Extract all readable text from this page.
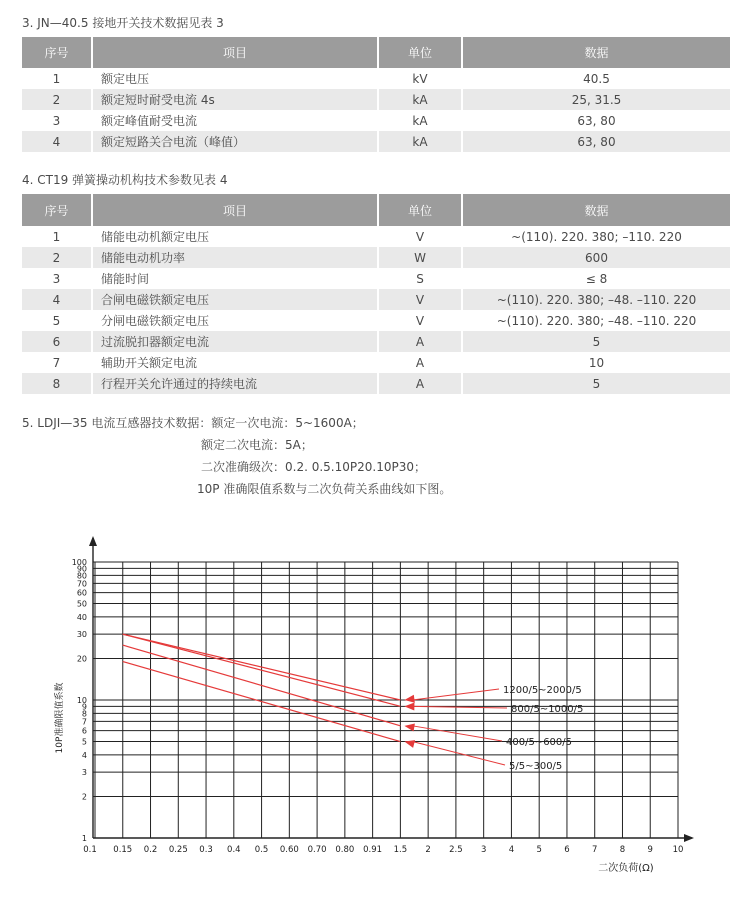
3. JN—40.5 接地开关技术数据见表 3
序号	项目	单位	数据
1	额定电压	kV	40.5
2	额定短时耐受电流 4s	kA	25, 31.5
3	额定峰值耐受电流	kA	63, 80
4	额定短路关合电流（峰值）	kA	63, 80
4. CT19 弹簧操动机构技术参数见表 4
序号	项目	单位	数据
1	储能电动机额定电压	V	~(110). 220. 380; –110. 220
2	储能电动机功率	W	600
3	储能时间	S	≤ 8
4	合闸电磁铁额定电压	V	~(110). 220. 380; –48. –110. 220
5	分闸电磁铁额定电压	V	~(110). 220. 380; –48. –110. 220
6	过流脱扣器额定电流	A	5
7	辅助开关额定电流	A	10
8	行程开关允许通过的持续电流	A	5
5. LDJI—35 电流互感器技术数据：额定一次电流：5~1600A；
额定二次电流：5A；
二次准确级次：0.2. 0.5.10P20.10P30；
10P 准确限值系数与二次负荷关系曲线如下图。
0.1 0.15 0.2 0.25 0.3 0.4 0.5 0.60 0.70 0.80 0.91 1.5 2 2.5 3	4	5	6	7	8	9 10
1
2
3
4
5
6
7
8
9
10
20
30
40
50
60
70
80
90
100
二次负荷(Ω)
10P准确限值系数	1200/5~2000/5
800/5~1000/5
400/5~600/5
5/5~300/5
